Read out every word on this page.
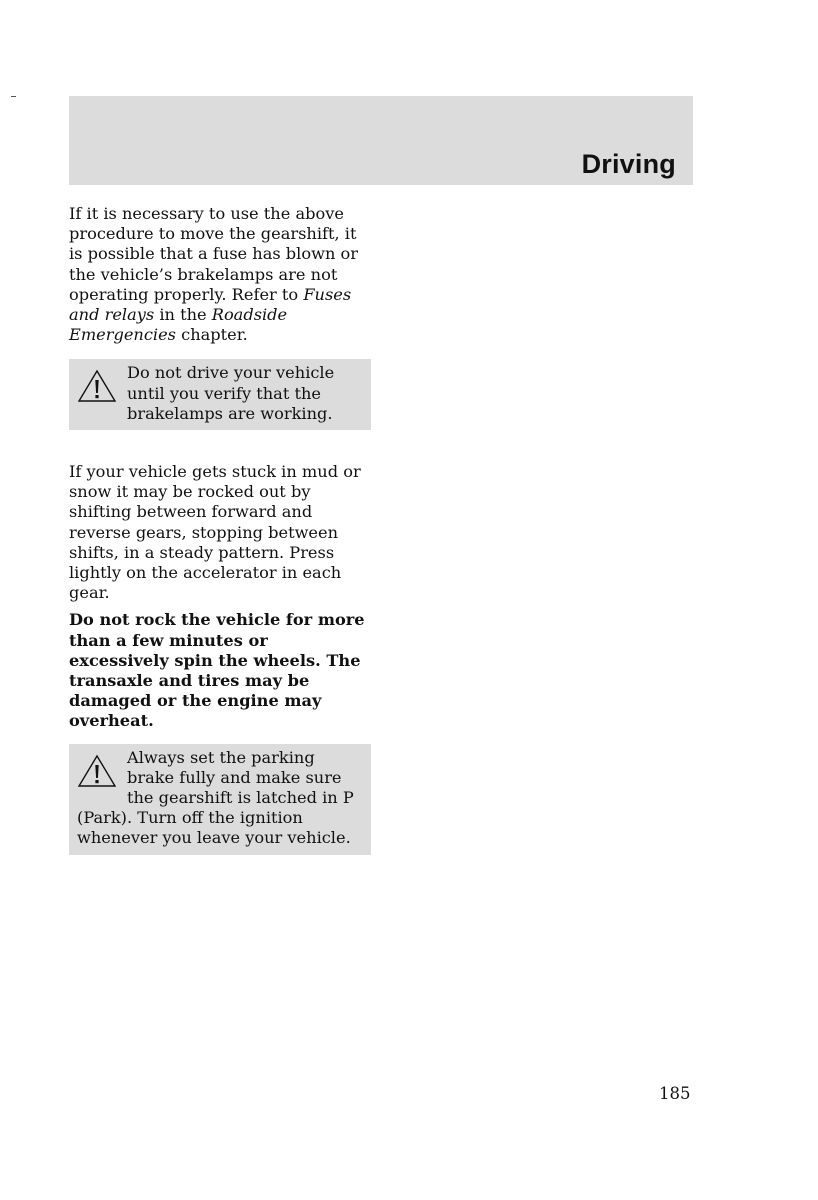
Driving

If it is necessary to use the above procedure to move the gearshift, it is possible that a fuse has blown or the vehicle’s brakelamps are not operating properly. Refer to Fuses and relays in the Roadside Emergencies chapter.

Do not drive your vehicle until you verify that the brakelamps are working.

If your vehicle gets stuck in mud or snow it may be rocked out by shifting between forward and reverse gears, stopping between shifts, in a steady pattern. Press lightly on the accelerator in each gear.

Do not rock the vehicle for more than a few minutes or excessively spin the wheels. The transaxle and tires may be damaged or the engine may overheat.

Always set the parking brake fully and make sure the gearshift is latched in P (Park). Turn off the ignition whenever you leave your vehicle.
185
